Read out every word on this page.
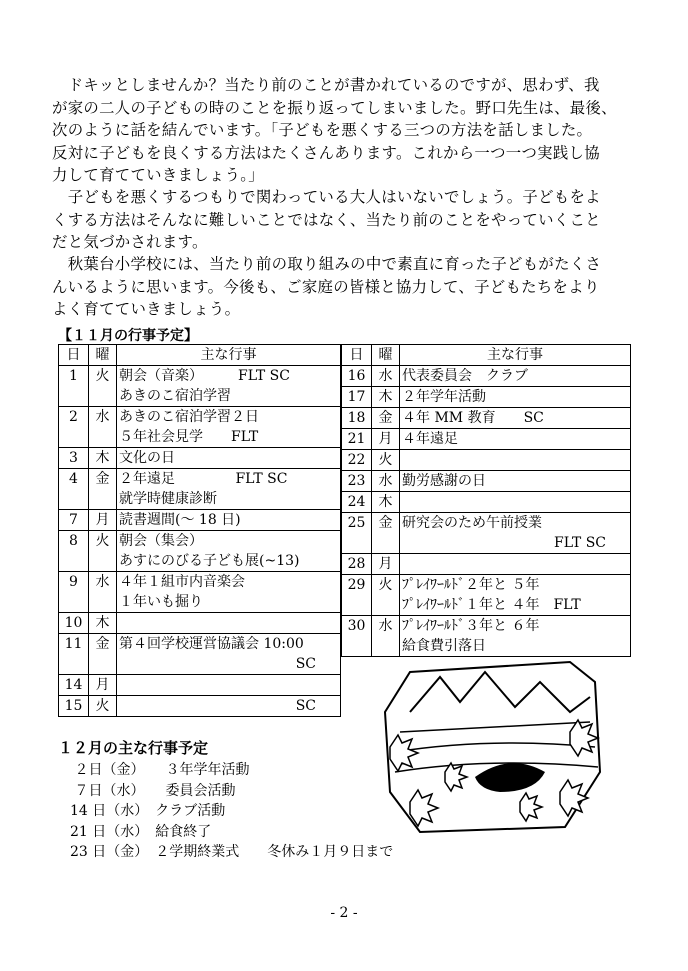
　ドキッとしませんか？当たり前のことが書かれているのですが、思わず、我
が家の二人の子どもの時のことを振り返ってしまいました。野口先生は、最後、
次のように話を結んでいます。「子どもを悪くする三つの方法を話しました。
反対に子どもを良くする方法はたくさんあります。これから一つ一つ実践し協
力して育てていきましょう。」

　子どもを悪くするつもりで関わっている大人はいないでしょう。子どもをよ
くする方法はそんなに難しいことではなく、当たり前のことをやっていくこと
だと気づかされます。

　秋葉台小学校には、当たり前の取り組みの中で素直に育った子どもがたくさ
んいるように思います。今後も、ご家庭の皆様と協力して、子どもたちをより
よく育てていきましょう。

【１１月の行事予定】
日	曜	主な行事
1	火	朝会（音楽）　　　FLT SC
あきのこ宿泊学習

2	水	あきのこ宿泊学習２日
５年社会見学　　FLT

3	木	文化の日

4	金	２年遠足　　　　 FLT SC
就学時健康診断

7	月	読書週間(～ 18 日)

8	火	朝会（集会）
あすにのびる子ども展(~13)

9	水	４年１組市内音楽会
１年いも掘り

10	木	

11	金	第４回学校運営協議会 10:00
SC

14	月	

15	火	SC
日	曜	主な行事
16	水	代表委員会　クラブ

17	木	２年学年活動

18	金	４年 MM 教育　　SC

21	月	４年遠足

22	火	

23	水	勤労感謝の日

24	木	

25	金	研究会のため午前授業
FLT SC

28	月	

29	火	ﾌﾟﾚｲﾜｰﾙﾄﾞ２年と ５年
ﾌﾟﾚｲﾜｰﾙﾄﾞ１年と ４年　FLT

30	水	ﾌﾟﾚｲﾜｰﾙﾄﾞ３年と ６年
給食費引落日
１２月の主な行事予定
２日（金）　　３年学年活動
７日（水）　　委員会活動
14 日（水）　クラブ活動
21 日（水）　給食終了
23 日（金）　２学期終業式　　冬休み１月９日まで
- 2 -
